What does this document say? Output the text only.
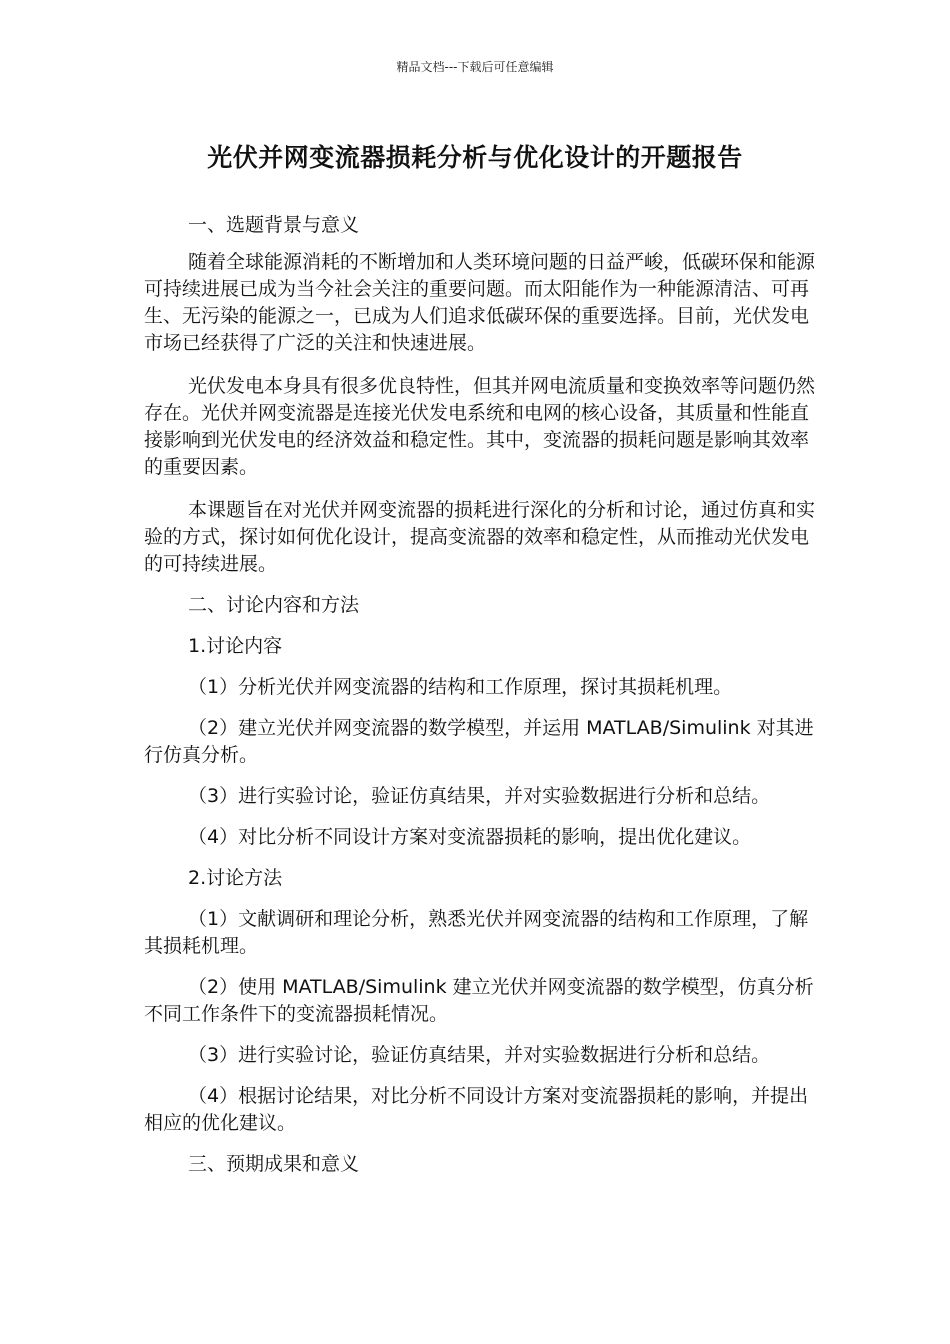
精品文档---下载后可任意编辑
光伏并网变流器损耗分析与优化设计的开题报告

一、选题背景与意义

随着全球能源消耗的不断增加和人类环境问题的日益严峻，低碳环保和能源可持续进展已成为当今社会关注的重要问题。而太阳能作为一种能源清洁、可再生、无污染的能源之一，已成为人们追求低碳环保的重要选择。目前，光伏发电市场已经获得了广泛的关注和快速进展。

光伏发电本身具有很多优良特性，但其并网电流质量和变换效率等问题仍然存在。光伏并网变流器是连接光伏发电系统和电网的核心设备，其质量和性能直接影响到光伏发电的经济效益和稳定性。其中，变流器的损耗问题是影响其效率的重要因素。

本课题旨在对光伏并网变流器的损耗进行深化的分析和讨论，通过仿真和实验的方式，探讨如何优化设计，提高变流器的效率和稳定性，从而推动光伏发电的可持续进展。

二、讨论内容和方法

1.讨论内容

（1）分析光伏并网变流器的结构和工作原理，探讨其损耗机理。

（2）建立光伏并网变流器的数学模型，并运用 MATLAB/Simulink 对其进行仿真分析。

（3）进行实验讨论，验证仿真结果，并对实验数据进行分析和总结。

（4）对比分析不同设计方案对变流器损耗的影响，提出优化建议。

2.讨论方法

（1）文献调研和理论分析，熟悉光伏并网变流器的结构和工作原理，了解其损耗机理。

（2）使用 MATLAB/Simulink 建立光伏并网变流器的数学模型，仿真分析不同工作条件下的变流器损耗情况。

（3）进行实验讨论，验证仿真结果，并对实验数据进行分析和总结。

（4）根据讨论结果，对比分析不同设计方案对变流器损耗的影响，并提出相应的优化建议。

三、预期成果和意义
